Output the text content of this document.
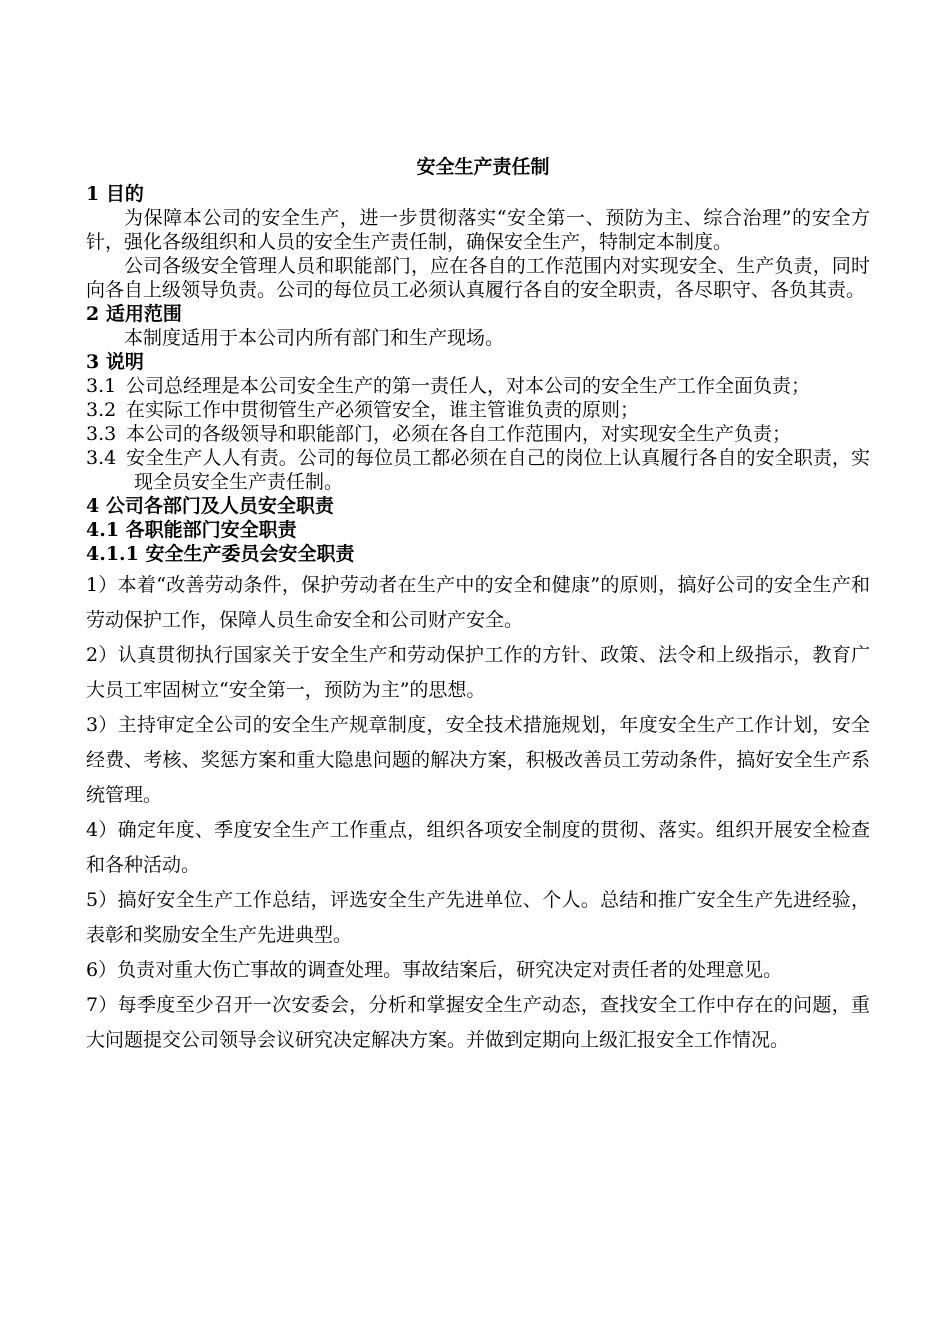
安全生产责任制
1 目的
为保障本公司的安全生产，进一步贯彻落实“安全第一、预防为主、综合治理”的安全方针，强化各级组织和人员的安全生产责任制，确保安全生产，特制定本制度。
公司各级安全管理人员和职能部门，应在各自的工作范围内对实现安全、生产负责，同时向各自上级领导负责。公司的每位员工必须认真履行各自的安全职责，各尽职守、各负其责。
2 适用范围
本制度适用于本公司内所有部门和生产现场。
3 说明
3.1 公司总经理是本公司安全生产的第一责任人，对本公司的安全生产工作全面负责；
3.2 在实际工作中贯彻管生产必须管安全，谁主管谁负责的原则；
3.3 本公司的各级领导和职能部门，必须在各自工作范围内，对实现安全生产负责；
3.4 安全生产人人有责。公司的每位员工都必须在自己的岗位上认真履行各自的安全职责，实现全员安全生产责任制。
4 公司各部门及人员安全职责
4.1 各职能部门安全职责
4.1.1 安全生产委员会安全职责
1）本着“改善劳动条件，保护劳动者在生产中的安全和健康”的原则，搞好公司的安全生产和劳动保护工作，保障人员生命安全和公司财产安全。
2）认真贯彻执行国家关于安全生产和劳动保护工作的方针、政策、法令和上级指示，教育广大员工牢固树立“安全第一，预防为主”的思想。
3）主持审定全公司的安全生产规章制度，安全技术措施规划，年度安全生产工作计划，安全经费、考核、奖惩方案和重大隐患问题的解决方案，积极改善员工劳动条件，搞好安全生产系统管理。
4）确定年度、季度安全生产工作重点，组织各项安全制度的贯彻、落实。组织开展安全检查和各种活动。
5）搞好安全生产工作总结，评选安全生产先进单位、个人。总结和推广安全生产先进经验，表彰和奖励安全生产先进典型。
6）负责对重大伤亡事故的调查处理。事故结案后，研究决定对责任者的处理意见。
7）每季度至少召开一次安委会，分析和掌握安全生产动态，查找安全工作中存在的问题，重大问题提交公司领导会议研究决定解决方案。并做到定期向上级汇报安全工作情况。
